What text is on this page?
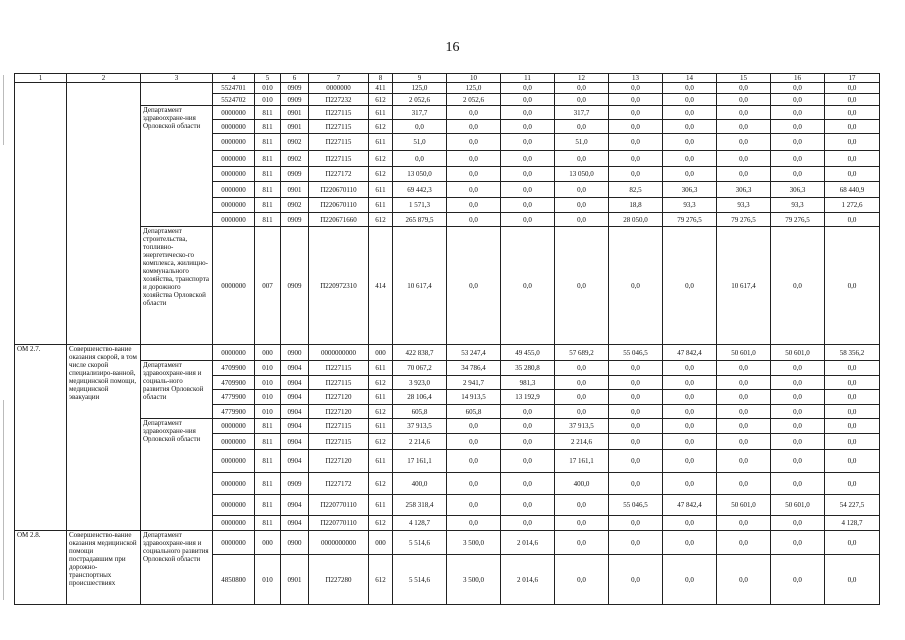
16
1	2	3	4	5	6	7	8	9	10	11	12	13	14	15	16	17
			5524701	010	0909	0000000	411	125,0	125,0	0,0	0,0	0,0	0,0	0,0	0,0	0,0
			5524702	010	0909	П227232	612	2 052,6	2 052,6	0,0	0,0	0,0	0,0	0,0	0,0	0,0
		Департамент здравоохране-ния Орловской области	0000000	811	0901	П227115	611	317,7	0,0	0,0	317,7	0,0	0,0	0,0	0,0	0,0
			0000000	811	0901	П227115	612	0,0	0,0	0,0	0,0	0,0	0,0	0,0	0,0	0,0
			0000000	811	0902	П227115	611	51,0	0,0	0,0	51,0	0,0	0,0	0,0	0,0	0,0
			0000000	811	0902	П227115	612	0,0	0,0	0,0	0,0	0,0	0,0	0,0	0,0	0,0
			0000000	811	0909	П227172	612	13 050,0	0,0	0,0	13 050,0	0,0	0,0	0,0	0,0	0,0
			0000000	811	0901	П220670110	611	69 442,3	0,0	0,0	0,0	82,5	306,3	306,3	306,3	68 440,9
			0000000	811	0902	П220670110	611	1 571,3	0,0	0,0	0,0	18,8	93,3	93,3	93,3	1 272,6
			0000000	811	0909	П220671660	612	265 879,5	0,0	0,0	0,0	28 050,0	79 276,5	79 276,5	79 276,5	0,0
		Департамент строительства, топливно-энергетическо-го комплекса, жилищно-коммунального хозяйства, транспорта и дорожного хозяйства Орловской области	0000000	007	0909	П220972310	414	10 617,4	0,0	0,0	0,0	0,0	0,0	10 617,4	0,0	0,0
ОМ 2.7.	Совершенство-вание оказания скорой, в том числе скорой специализиро-ванной, медицинской помощи, медицинской эвакуации		0000000	000	0900	0000000000	000	422 838,7	53 247,4	49 455,0	57 689,2	55 046,5	47 842,4	50 601,0	50 601,0	58 356,2
		Департамент здравоохране-ния и социаль-ного развития Орловской области	4709900	010	0904	П227115	611	70 067,2	34 786,4	35 280,8	0,0	0,0	0,0	0,0	0,0	0,0
			4709900	010	0904	П227115	612	3 923,0	2 941,7	981,3	0,0	0,0	0,0	0,0	0,0	0,0
			4779900	010	0904	П227120	611	28 106,4	14 913,5	13 192,9	0,0	0,0	0,0	0,0	0,0	0,0
			4779900	010	0904	П227120	612	605,8	605,8	0,0	0,0	0,0	0,0	0,0	0,0	0,0
		Департамент здравоохране-ния Орловской области	0000000	811	0904	П227115	611	37 913,5	0,0	0,0	37 913,5	0,0	0,0	0,0	0,0	0,0
			0000000	811	0904	П227115	612	2 214,6	0,0	0,0	2 214,6	0,0	0,0	0,0	0,0	0,0
			0000000	811	0904	П227120	611	17 161,1	0,0	0,0	17 161,1	0,0	0,0	0,0	0,0	0,0
			0000000	811	0909	П227172	612	400,0	0,0	0,0	400,0	0,0	0,0	0,0	0,0	0,0
			0000000	811	0904	П220770110	611	258 318,4	0,0	0,0	0,0	55 046,5	47 842,4	50 601,0	50 601,0	54 227,5
			0000000	811	0904	П220770110	612	4 128,7	0,0	0,0	0,0	0,0	0,0	0,0	0,0	4 128,7
ОМ 2.8.	Совершенство-вание оказания медицинской помощи пострадавшим при дорожно-транспортных происшествиях	Департамент здравоохране-ния и социального развития Орловской области	0000000	000	0900	0000000000	000	5 514,6	3 500,0	2 014,6	0,0	0,0	0,0	0,0	0,0	0,0
			4850800	010	0901	П227280	612	5 514,6	3 500,0	2 014,6	0,0	0,0	0,0	0,0	0,0	0,0
